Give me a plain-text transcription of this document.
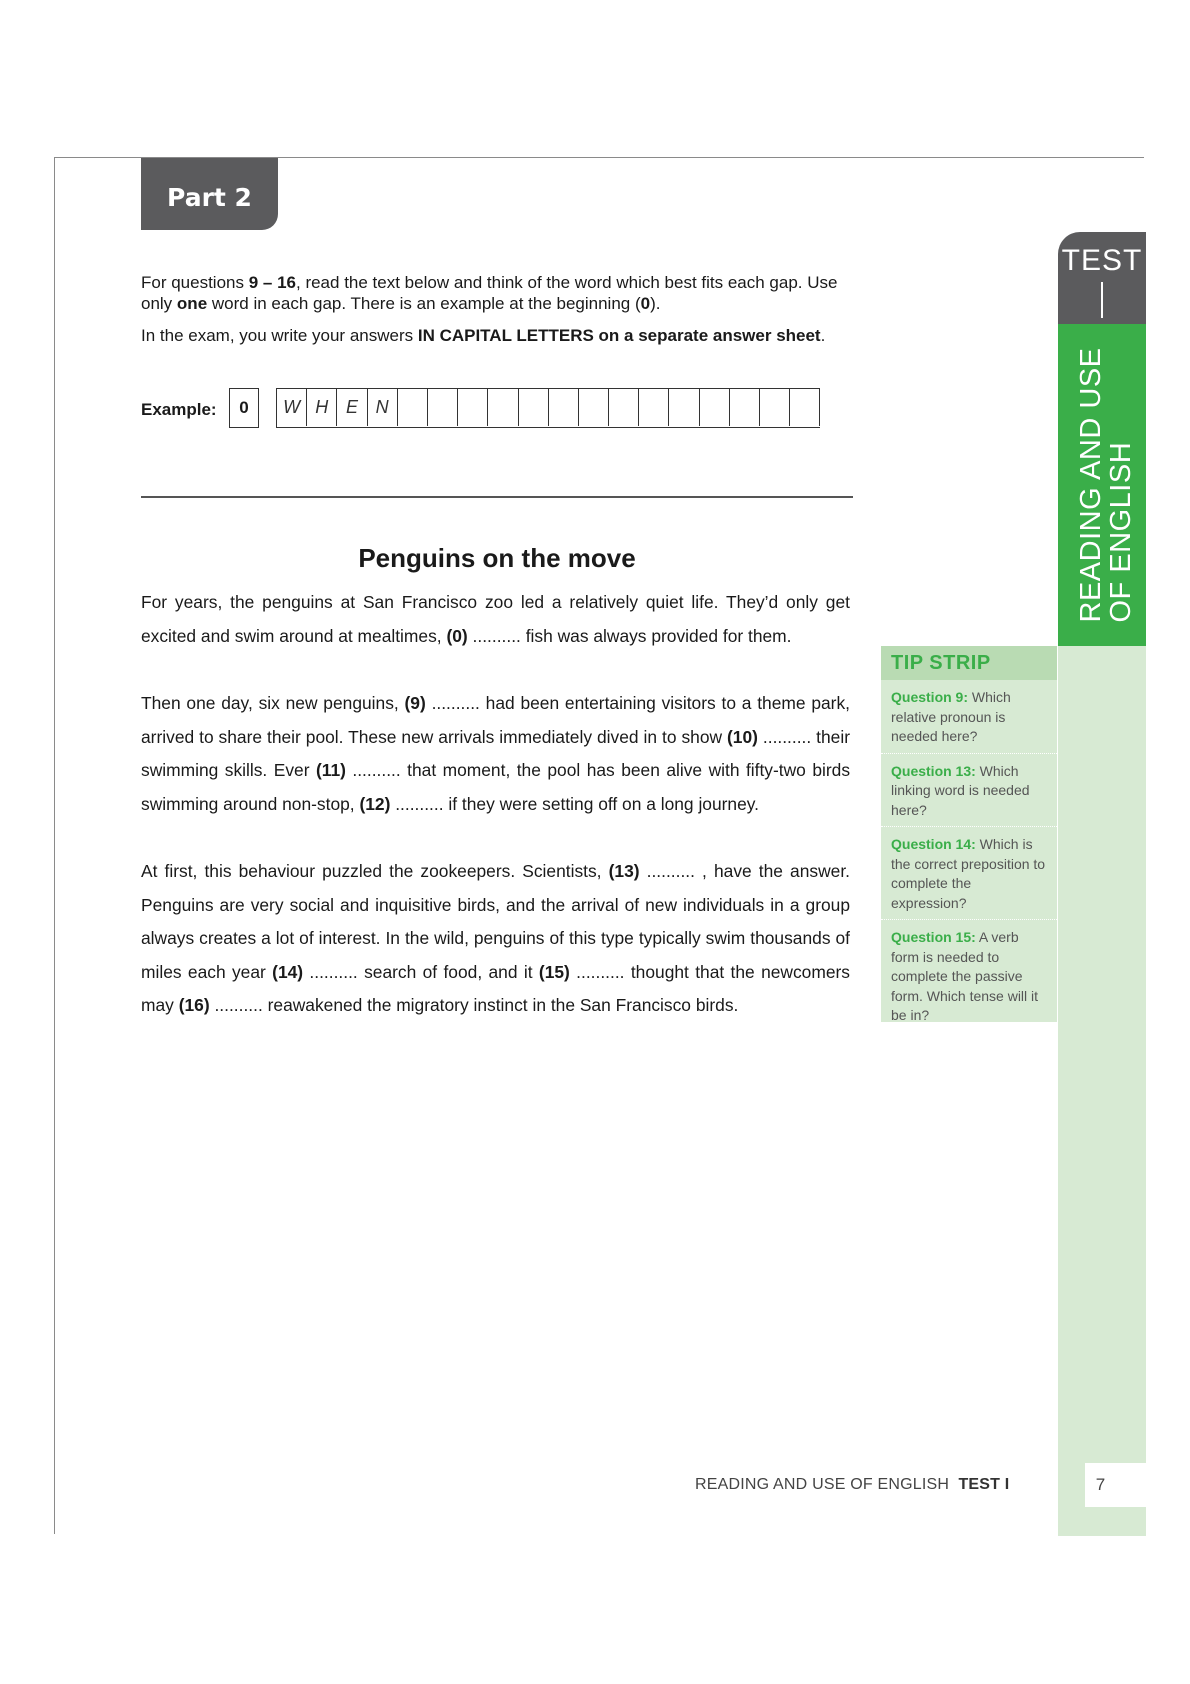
Part 2
For questions 9 – 16, read the text below and think of the word which best fits each gap. Use only one word in each gap. There is an example at the beginning (0).
In the exam, you write your answers IN CAPITAL LETTERS on a separate answer sheet.
Example:	0	W H E N
Penguins on the move
For years, the penguins at San Francisco zoo led a relatively quiet life. They’d only get excited and swim around at mealtimes, (0) .......... fish was always provided for them.
Then one day, six new penguins, (9) .......... had been entertaining visitors to a theme park, arrived to share their pool. These new arrivals immediately dived in to show (10) .......... their swimming skills. Ever (11) .......... that moment, the pool has been alive with fifty-two birds swimming around non-stop, (12) .......... if they were setting off on a long journey.
At first, this behaviour puzzled the zookeepers. Scientists, (13) .......... , have the answer. Penguins are very social and inquisitive birds, and the arrival of new individuals in a group always creates a lot of interest. In the wild, penguins of this type typically swim thousands of miles each year (14) .......... search of food, and it (15) .......... thought that the newcomers may (16) .......... reawakened the migratory instinct in the San Francisco birds.
TEST
READING AND USE
OF ENGLISH
TIP STRIP
Question 9: Which relative pronoun is needed here?
Question 13: Which linking word is needed here?
Question 14: Which is the correct preposition to complete the expression?
Question 15: A verb form is needed to complete the passive form. Which tense will it be in?
READING AND USE OF ENGLISH TEST I	7
